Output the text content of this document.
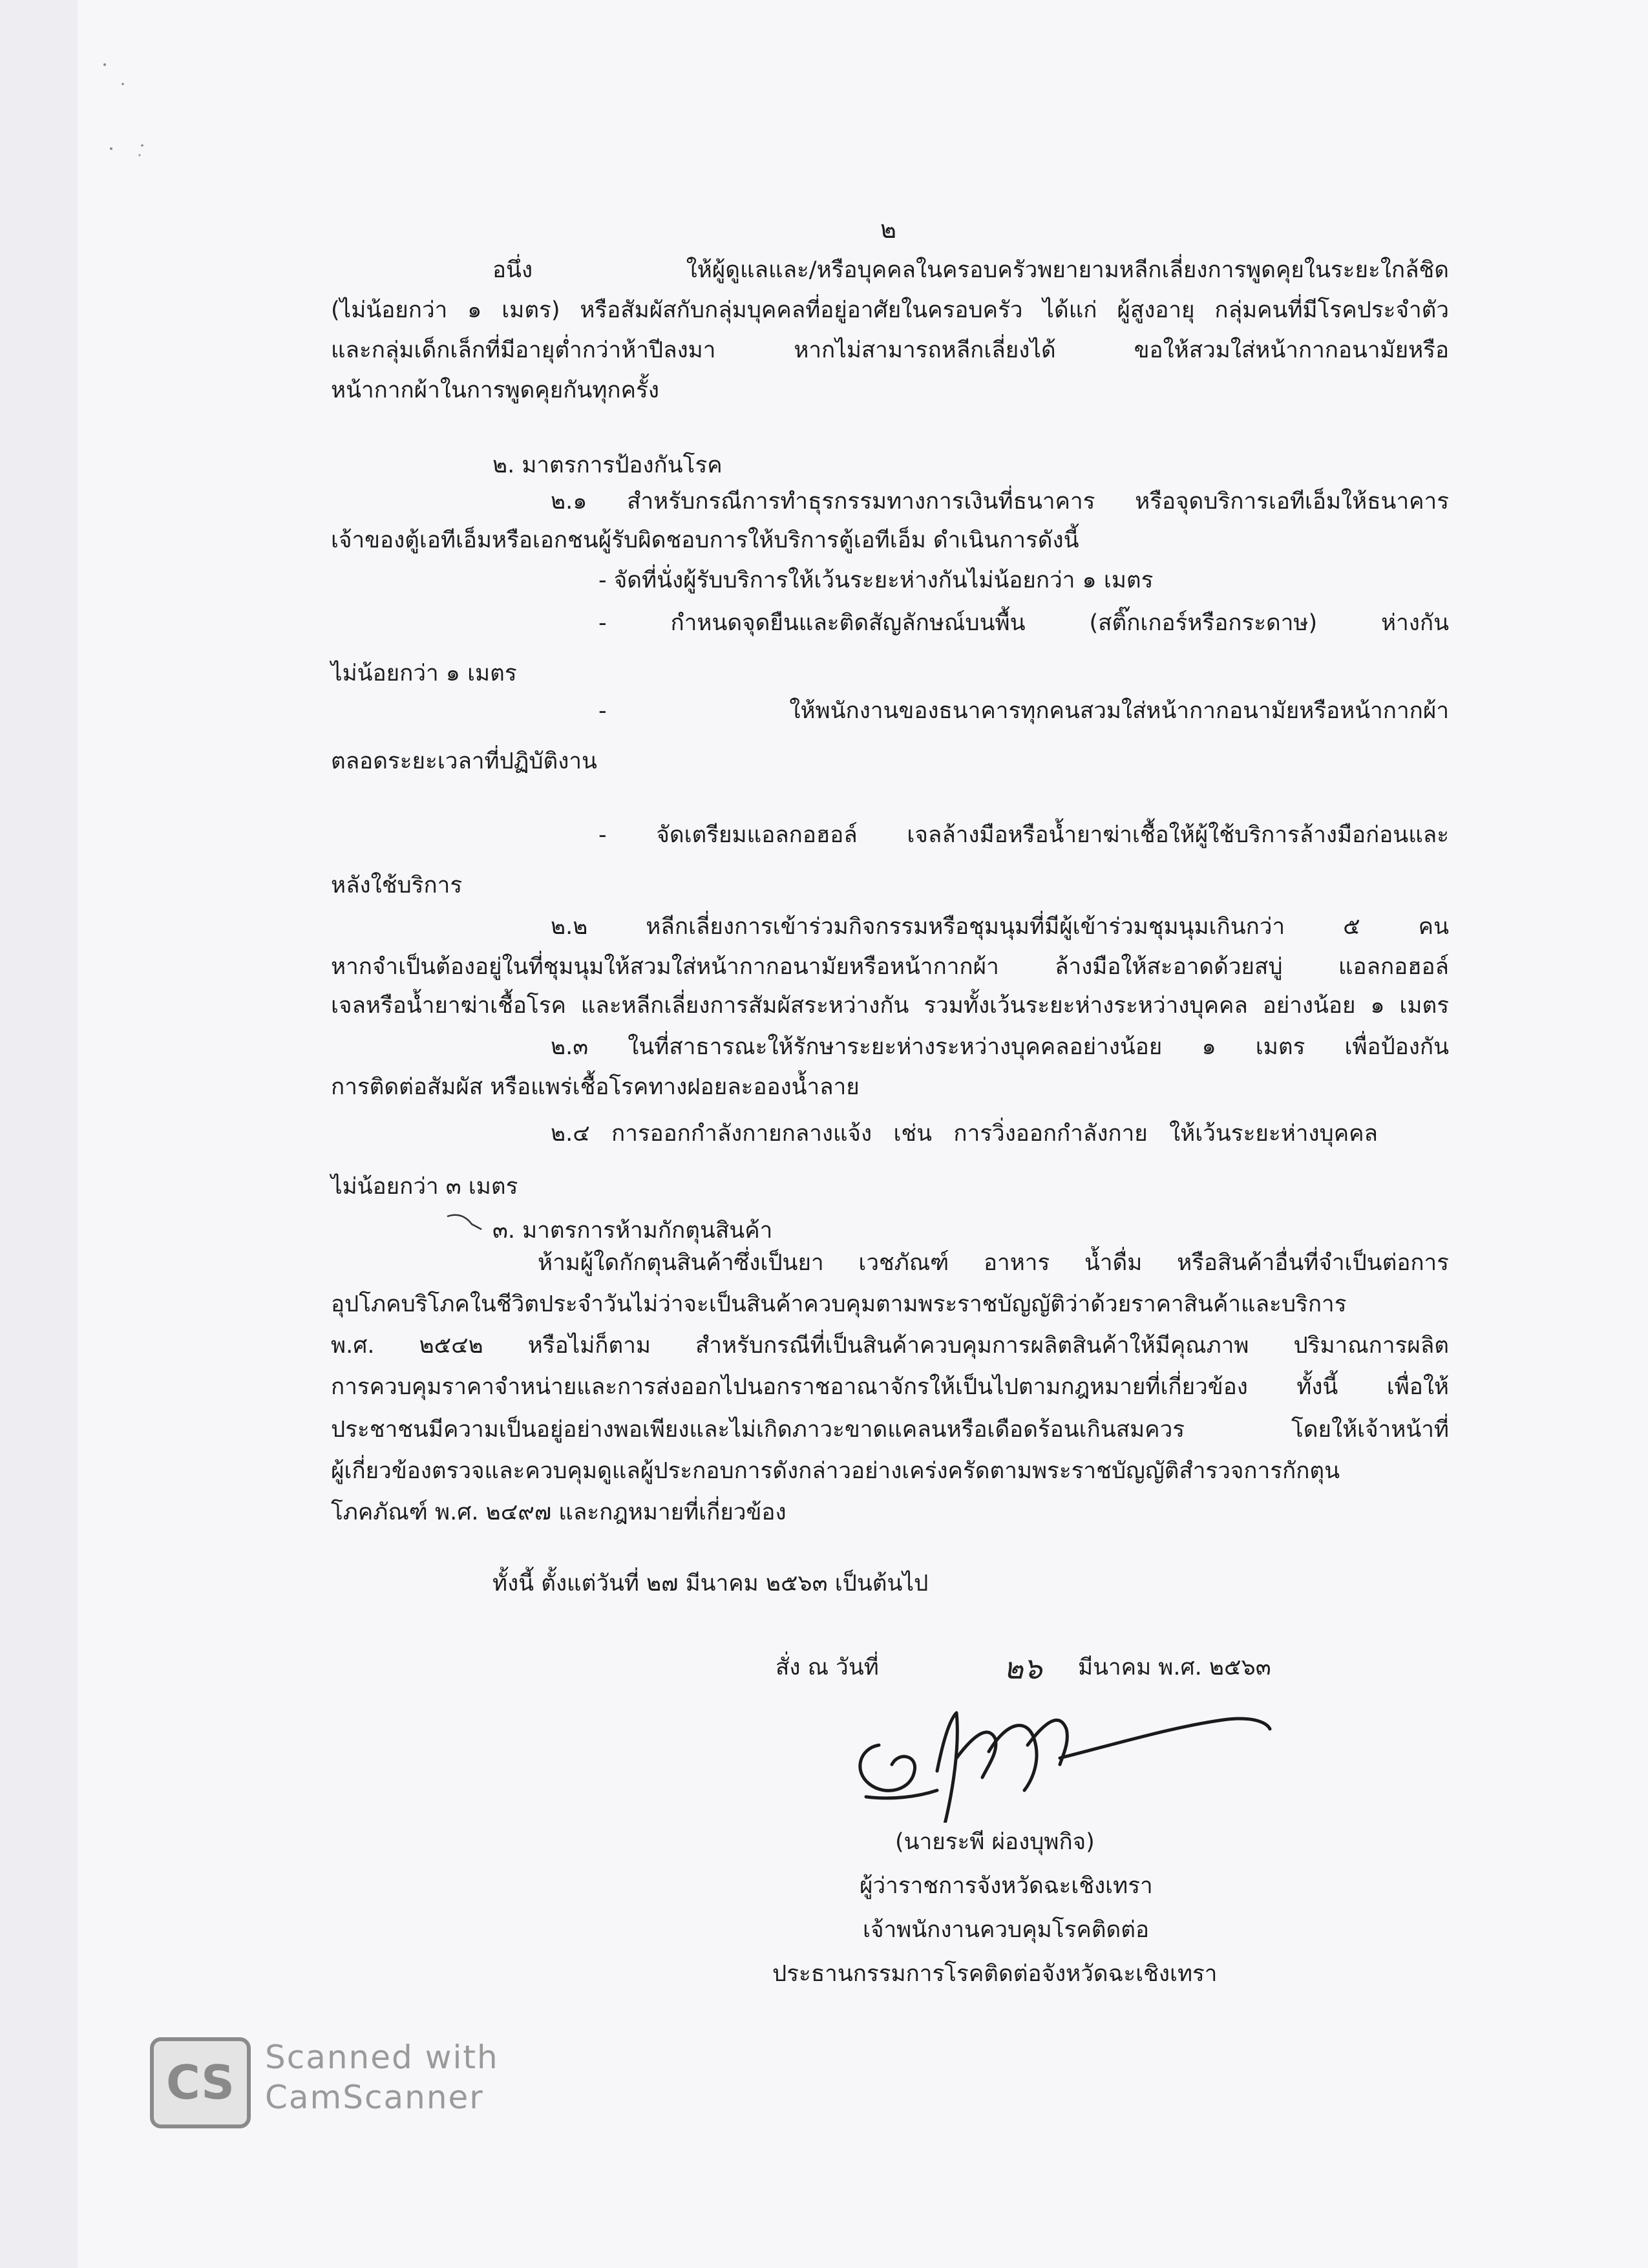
๒
อนึ่ง ให้ผู้ดูแลและ/หรือบุคคลในครอบครัวพยายามหลีกเลี่ยงการพูดคุยในระยะใกล้ชิด
(ไม่น้อยกว่า ๑ เมตร) หรือสัมผัสกับกลุ่มบุคคลที่อยู่อาศัยในครอบครัว ได้แก่ ผู้สูงอายุ กลุ่มคนที่มีโรคประจำตัว
และกลุ่มเด็กเล็กที่มีอายุต่ำกว่าห้าปีลงมา หากไม่สามารถหลีกเลี่ยงได้ ขอให้สวมใส่หน้ากากอนามัยหรือ
หน้ากากผ้าในการพูดคุยกันทุกครั้ง
๒. มาตรการป้องกันโรค
๒.๑ สำหรับกรณีการทำธุรกรรมทางการเงินที่ธนาคาร หรือจุดบริการเอทีเอ็มให้ธนาคาร
เจ้าของตู้เอทีเอ็มหรือเอกชนผู้รับผิดชอบการให้บริการตู้เอทีเอ็ม ดำเนินการดังนี้
- จัดที่นั่งผู้รับบริการให้เว้นระยะห่างกันไม่น้อยกว่า ๑ เมตร
- กำหนดจุดยืนและติดสัญลักษณ์บนพื้น (สติ๊กเกอร์หรือกระดาษ) ห่างกัน
ไม่น้อยกว่า ๑ เมตร
- ให้พนักงานของธนาคารทุกคนสวมใส่หน้ากากอนามัยหรือหน้ากากผ้า
ตลอดระยะเวลาที่ปฏิบัติงาน
- จัดเตรียมแอลกอฮอล์ เจลล้างมือหรือน้ำยาฆ่าเชื้อให้ผู้ใช้บริการล้างมือก่อนและ
หลังใช้บริการ
๒.๒ หลีกเลี่ยงการเข้าร่วมกิจกรรมหรือชุมนุมที่มีผู้เข้าร่วมชุมนุมเกินกว่า ๕ คน
หากจำเป็นต้องอยู่ในที่ชุมนุมให้สวมใส่หน้ากากอนามัยหรือหน้ากากผ้า ล้างมือให้สะอาดด้วยสบู่ แอลกอฮอล์
เจลหรือน้ำยาฆ่าเชื้อโรค และหลีกเลี่ยงการสัมผัสระหว่างกัน รวมทั้งเว้นระยะห่างระหว่างบุคคล อย่างน้อย ๑ เมตร
๒.๓ ในที่สาธารณะให้รักษาระยะห่างระหว่างบุคคลอย่างน้อย ๑ เมตร เพื่อป้องกัน
การติดต่อสัมผัส หรือแพร่เชื้อโรคทางฝอยละอองน้ำลาย
๒.๔ การออกกำลังกายกลางแจ้ง เช่น การวิ่งออกกำลังกาย ให้เว้นระยะห่างบุคคล
ไม่น้อยกว่า ๓ เมตร
๓. มาตรการห้ามกักตุนสินค้า
ห้ามผู้ใดกักตุนสินค้าซึ่งเป็นยา เวชภัณฑ์ อาหาร น้ำดื่ม หรือสินค้าอื่นที่จำเป็นต่อการ
อุปโภคบริโภคในชีวิตประจำวันไม่ว่าจะเป็นสินค้าควบคุมตามพระราชบัญญัติว่าด้วยราคาสินค้าและบริการ
พ.ศ. ๒๕๔๒ หรือไม่ก็ตาม สำหรับกรณีที่เป็นสินค้าควบคุมการผลิตสินค้าให้มีคุณภาพ ปริมาณการผลิต
การควบคุมราคาจำหน่ายและการส่งออกไปนอกราชอาณาจักรให้เป็นไปตามกฎหมายที่เกี่ยวข้อง ทั้งนี้ เพื่อให้
ประชาชนมีความเป็นอยู่อย่างพอเพียงและไม่เกิดภาวะขาดแคลนหรือเดือดร้อนเกินสมควร โดยให้เจ้าหน้าที่
ผู้เกี่ยวข้องตรวจและควบคุมดูแลผู้ประกอบการดังกล่าวอย่างเคร่งครัดตามพระราชบัญญัติสำรวจการกักตุน
โภคภัณฑ์ พ.ศ. ๒๔๙๗ และกฎหมายที่เกี่ยวข้อง
ทั้งนี้ ตั้งแต่วันที่ ๒๗ มีนาคม ๒๕๖๓ เป็นต้นไป
สั่ง ณ วันที่	๒๖ มีนาคม พ.ศ. ๒๕๖๓
(นายระพี ผ่องบุพกิจ)
ผู้ว่าราชการจังหวัดฉะเชิงเทรา
เจ้าพนักงานควบคุมโรคติดต่อ
ประธานกรรมการโรคติดต่อจังหวัดฉะเชิงเทรา
CS Scanned with
CamScanner
